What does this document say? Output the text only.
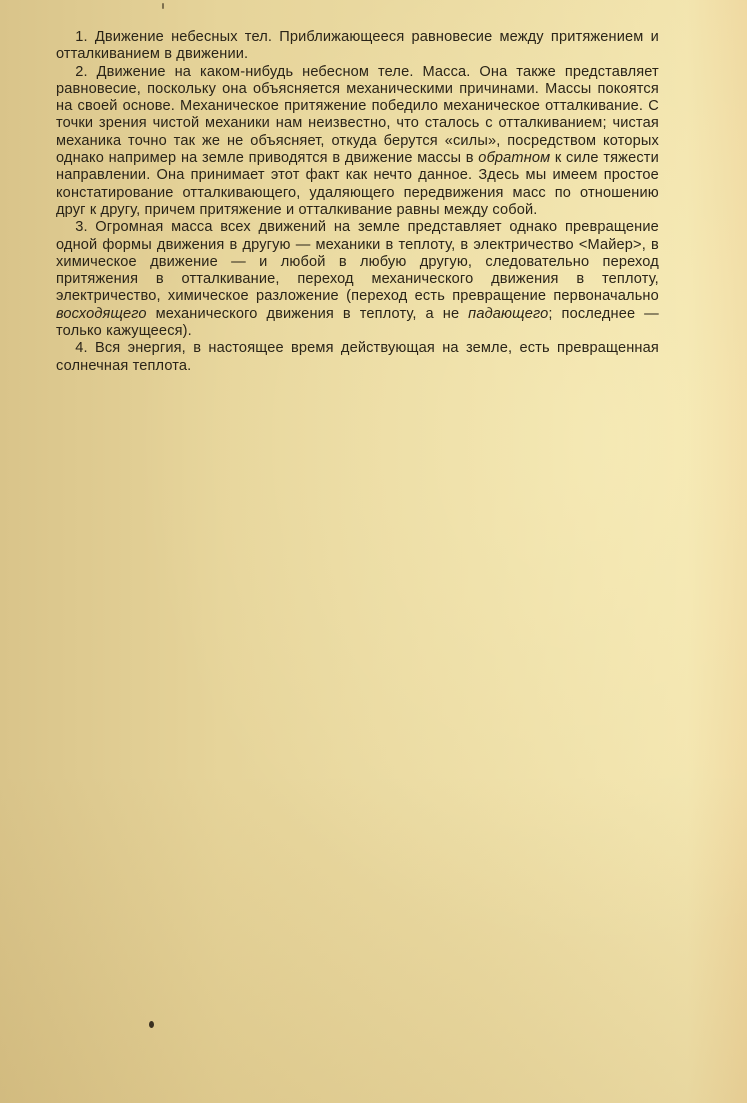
1. Движение небесных тел. Приближающееся равновесие между притяжением и отталкиванием в движении.

2. Движение на каком-нибудь небесном теле. Масса. Она также представляет равновесие, поскольку она объясняется механическими причинами. Массы покоятся на своей основе. Механическое притяжение победило механическое отталкивание. С точки зрения чистой механики нам неизвестно, что сталось с отталкиванием; чистая механика точно так же не объясняет, откуда берутся «силы», посредством которых однако например на земле приводятся в движение массы в обратном к силе тяжести направлении. Она принимает этот факт как нечто данное. Здесь мы имеем простое констатирование отталкивающего, удаляющего передвижения масс по отношению друг к другу, причем притяжение и отталкивание равны между собой.

3. Огромная масса всех движений на земле представляет однако превращение одной формы движения в другую — механики в теплоту, в электричество <Майер>, в химическое движение — и любой в любую другую, следовательно переход притяжения в отталкивание, переход механического движения в теплоту, электричество, химическое разложение (переход есть превращение первоначально восходящего механического движения в теплоту, а не падающего; последнее — только кажущееся).

4. Вся энергия, в настоящее время действующая на земле, есть превращенная солнечная теплота.
